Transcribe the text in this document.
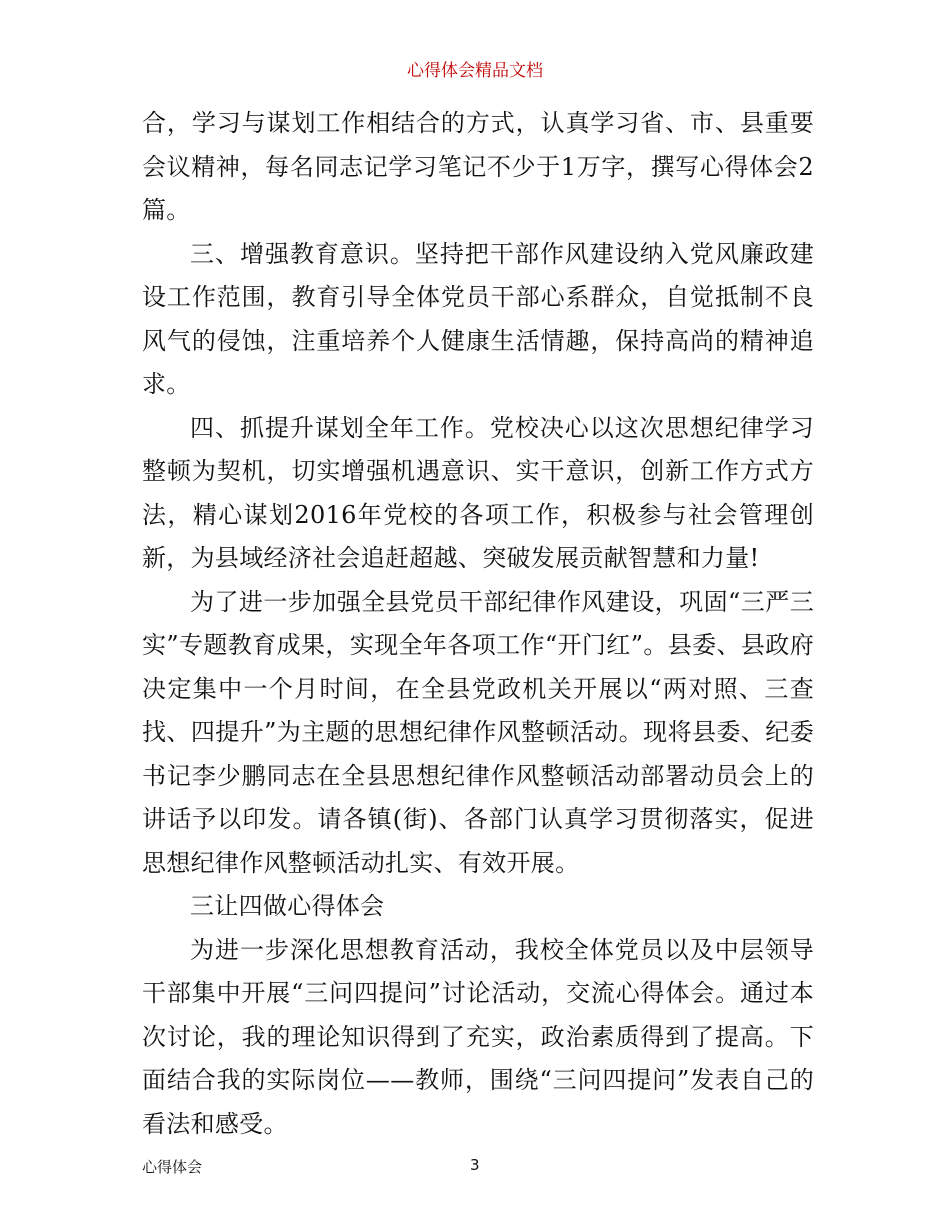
心得体会精品文档

合，学习与谋划工作相结合的方式，认真学习省、市、县重要会议精神，每名同志记学习笔记不少于1万字，撰写心得体会2篇。

三、增强教育意识。坚持把干部作风建设纳入党风廉政建设工作范围，教育引导全体党员干部心系群众，自觉抵制不良风气的侵蚀，注重培养个人健康生活情趣，保持高尚的精神追求。

四、抓提升谋划全年工作。党校决心以这次思想纪律学习整顿为契机，切实增强机遇意识、实干意识，创新工作方式方法，精心谋划2016年党校的各项工作，积极参与社会管理创新，为县域经济社会追赶超越、突破发展贡献智慧和力量!

为了进一步加强全县党员干部纪律作风建设，巩固“三严三实”专题教育成果，实现全年各项工作“开门红”。县委、县政府决定集中一个月时间，在全县党政机关开展以“两对照、三查找、四提升”为主题的思想纪律作风整顿活动。现将县委、纪委书记李少鹏同志在全县思想纪律作风整顿活动部署动员会上的讲话予以印发。请各镇(街)、各部门认真学习贯彻落实，促进思想纪律作风整顿活动扎实、有效开展。

三让四做心得体会

为进一步深化思想教育活动，我校全体党员以及中层领导干部集中开展“三问四提问”讨论活动，交流心得体会。通过本次讨论，我的理论知识得到了充实，政治素质得到了提高。下面结合我的实际岗位——教师，围绕“三问四提问”发表自己的看法和感受。

心得体会	3
